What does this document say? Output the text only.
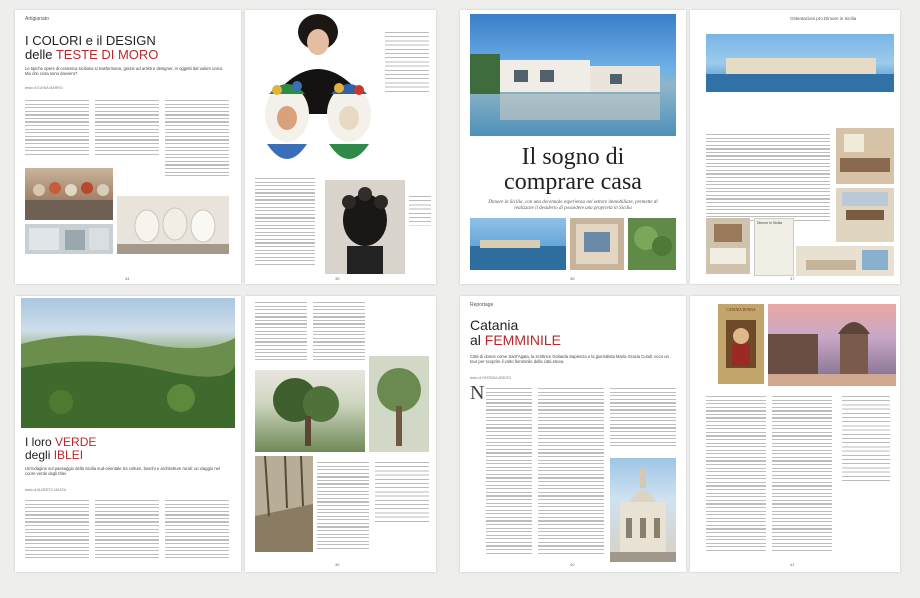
Artigianato
I COLORI e il DESIGN
delle TESTE DI MORO
Le tipiche opere di ceramica siciliana si trasformano, grazie ad artisti e designer, in oggetti dal valore unico. Ma che cosa sono davvero?
testo di ELENA MARRO
34	35
Il sogno di comprare casa
Dimore in Sicilia, con una decennale esperienza nel settore immobiliare, permette di realizzare il desiderio di possedere una proprietà in Sicilia
36
Ostentazioni pro Dimore in Sicilia
Dimore in Sicilia
37
I loro VERDE
degli IBLEI
Un'indagine sul paesaggio della Sicilia sud-orientale tra colture, boschi e architetture rurali: un viaggio nel cuore verde degli Iblei.
testo di ALBERTO MAZZA
39
Reportage
Catania
al FEMMINILE
Città di donne come Sant'Agata, la scrittrice Goliarda Sapienza e la giornalista Maria Grazia Cutuli: ecco un tour per scoprire il volto femminile della città etnea.
testo di PATRIZIA ARDITO
N
40
CATANIA DONNA
41
